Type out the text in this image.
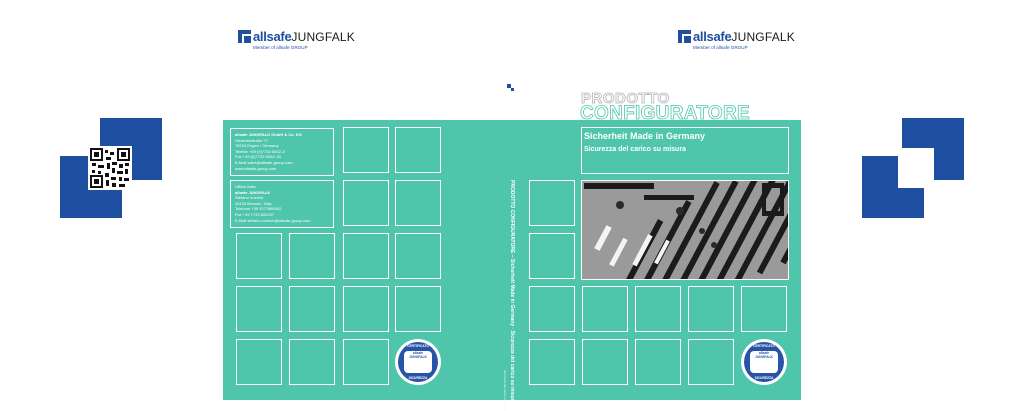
allsafeJUNGFALK
Member of allsafe GROUP
allsafeJUNGFALK
Member of allsafe GROUP
allsafe JUNGFALK GmbH & Co. KG
Gewerbestraße 77
78234 Engen / Germany
Telefon +49 (0)7733 5002–0
Fax +49 (0)7733 5002–41
E-Mail sales@allsafe-group.com
www.allsafe-group.com
Ufficio Italia
allsafe JUNGFALK
Stefano Vuerich
25126 Brescia · Italy
Telefono +39 3277880052
Fax +49 7733 500247
E-Mail stefano.vuerich@allsafe-group.com
CERTIFICATO
allsafe JUNGFALK
SICUREZZA	PRODOTTO CONFIGURATORE – Sicherheit Made in Germany · Sicurezza del carico su misura
Sicurezza del carico su misura
PRODOTTO
CERTIFICATO
allsafe JUNGFALK
SICUREZZA
CONFIGURATORE
Sicherheit Made in Germany
Sicurezza del carico su misura
